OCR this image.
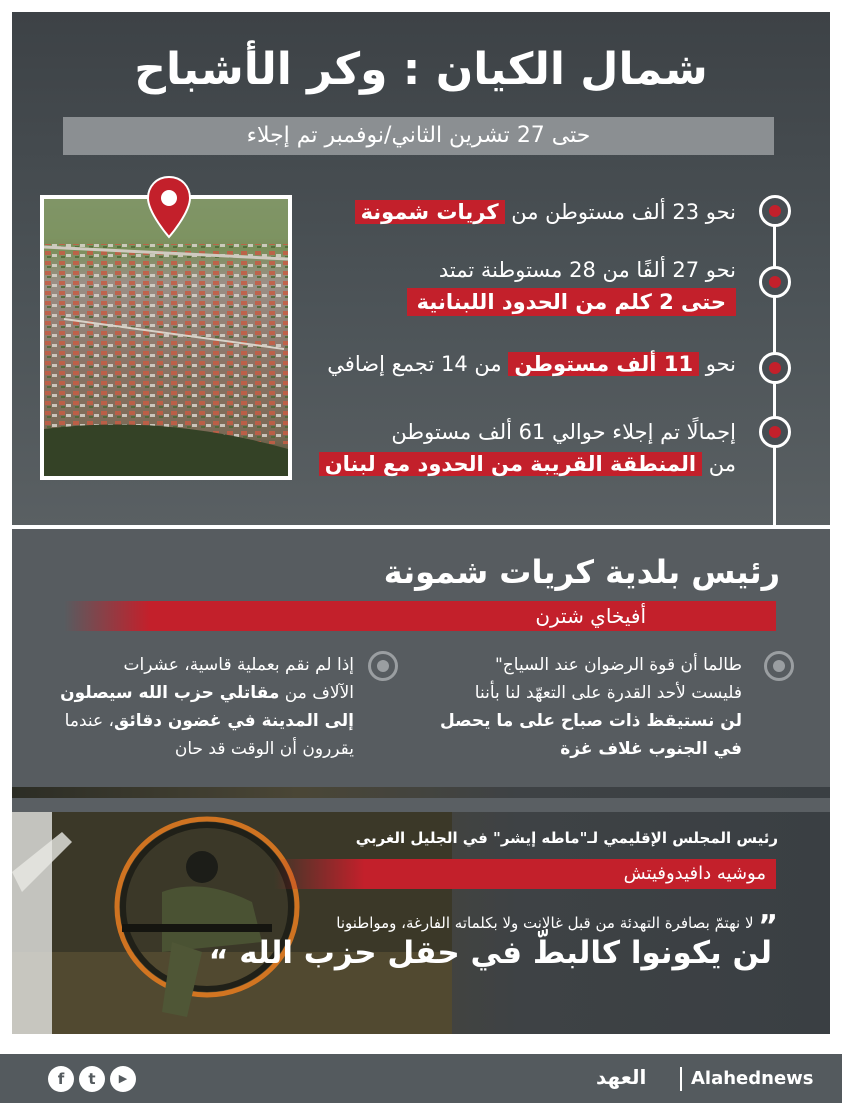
شمال الكيان : وكر الأشباح
حتى 27 تشرين الثاني/نوفمبر تم إجلاء
نحو 23 ألف مستوطن من كريات شمونة
نحو 27 ألفًا من 28 مستوطنة تمتد
حتى 2 كلم من الحدود اللبنانية
نحو 11 ألف مستوطن من 14 تجمع إضافي
إجمالًا تم إجلاء حوالي 61 ألف مستوطن
من المنطقة القريبة من الحدود مع لبنان
رئيس بلدية كريات شمونة
أفيخاي شترن
طالما أن قوة الرضوان عند السياج"
فليست لأحد القدرة على التعهّد لنا بأننا
لن نستيقظ ذات صباح على ما يحصل في الجنوب غلاف غزة
إذا لم نقم بعملية قاسية، عشرات
الآلاف من مقاتلي حزب الله سيصلون إلى المدينة في غضون دقائق، عندما يقررون أن الوقت قد حان
رئيس المجلس الإقليمي لـ"ماطه إيشر" في الجليل الغربي
موشيه دافيدوفيتش
” لا نهتمّ بصافرة التهدئة من قبل غالانت ولا بكلماته الفارغة، ومواطنونا
لن يكونوا كالبطّ في حقل حزب الله “
f	t	▶	العهد Alahednews
